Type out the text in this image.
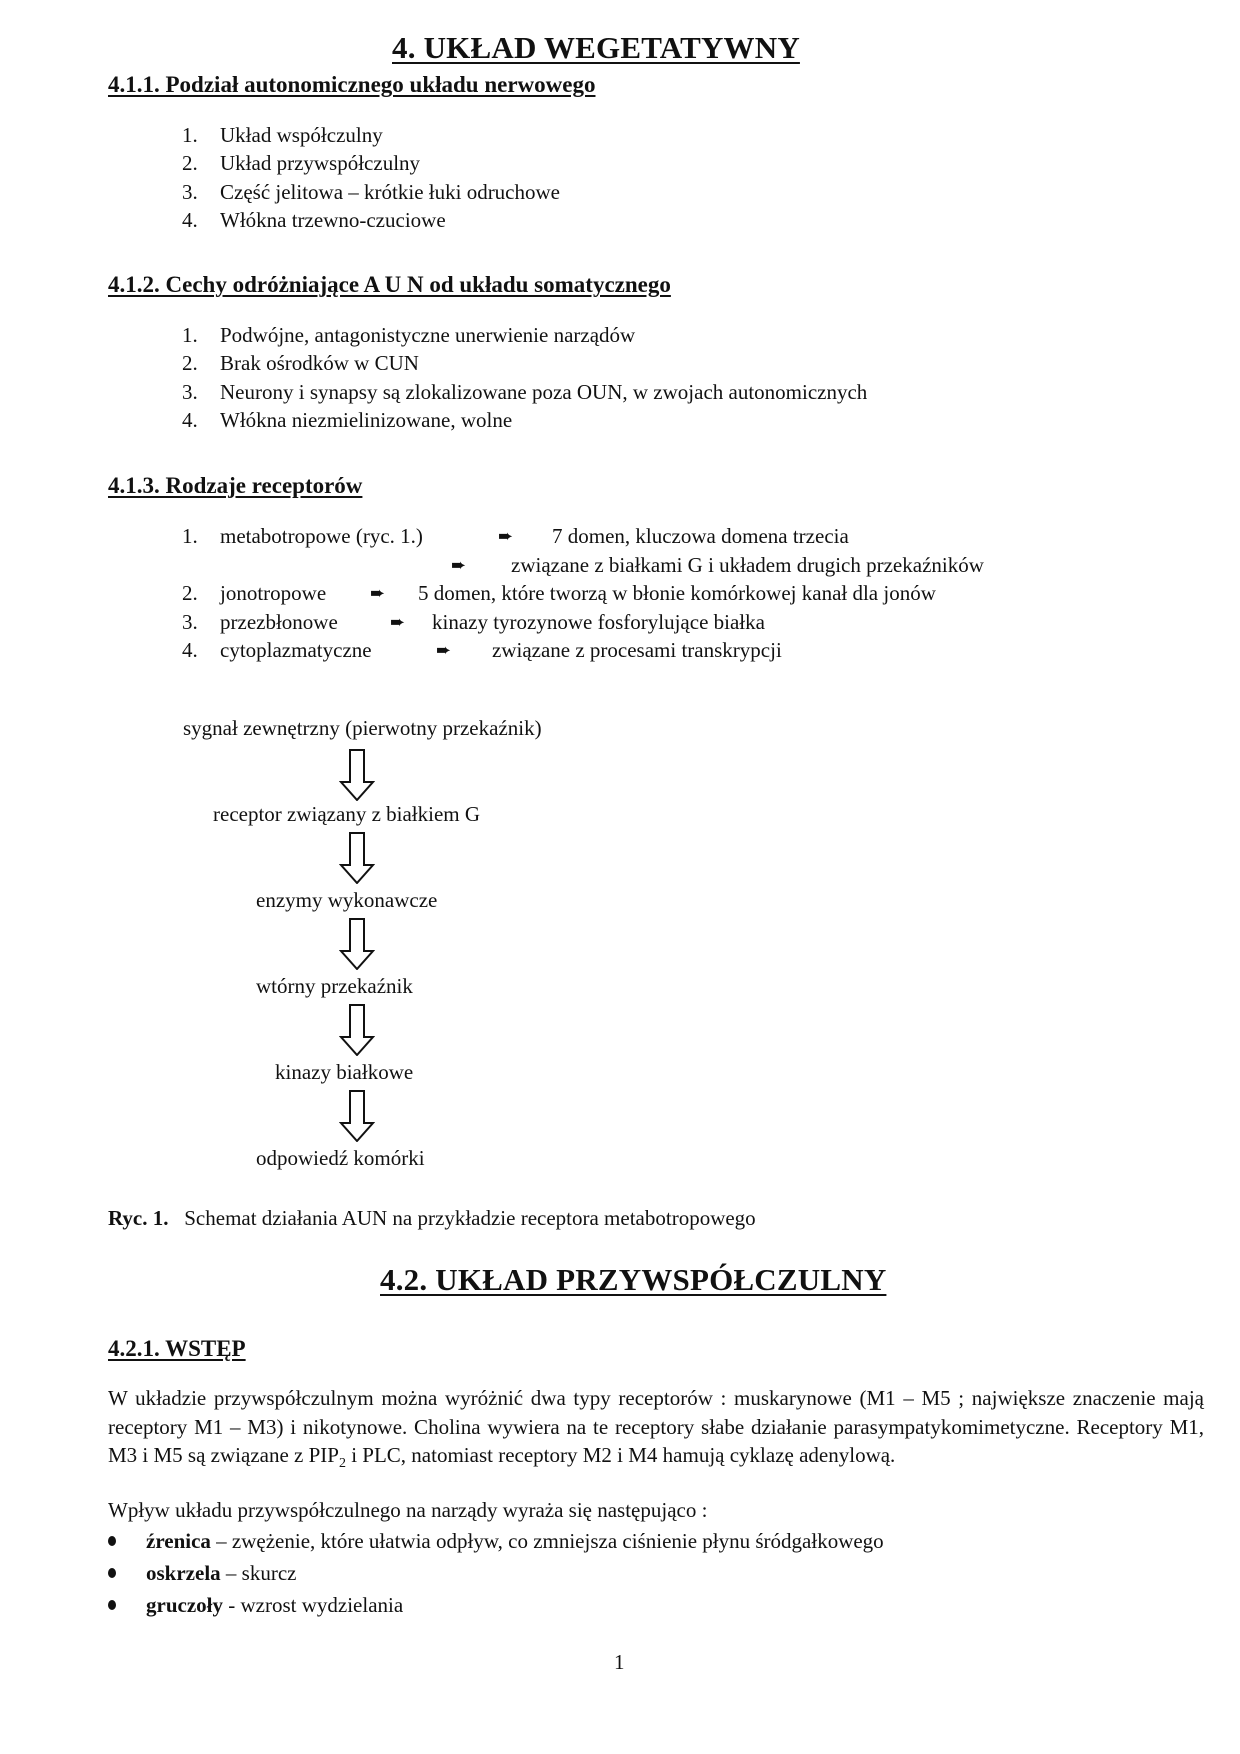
4. UKŁAD WEGETATYWNY
4.1.1. Podział autonomicznego układu nerwowego
1. Układ współczulny
2. Układ przywspółczulny
3. Część jelitowa – krótkie łuki odruchowe
4. Włókna trzewno-czuciowe
4.1.2. Cechy odróżniające A U N od układu somatycznego
1. Podwójne, antagonistyczne unerwienie narządów
2. Brak ośrodków w CUN
3. Neurony i synapsy są zlokalizowane poza OUN, w zwojach autonomicznych
4. Włókna niezmielinizowane, wolne
4.1.3. Rodzaje receptorów
1. metabotropowe (ryc. 1.)	➨ 7 domen, kluczowa domena trzecia
➨ związane z białkami G i układem drugich przekaźników
2. jonotropowe ➨ 5 domen, które tworzą w błonie komórkowej kanał dla jonów
3. przezbłonowe	➨ kinazy tyrozynowe fosforylujące białka
4. cytoplazmatyczne	➨ związane z procesami transkrypcji
sygnał zewnętrzny (pierwotny przekaźnik)
receptor związany z białkiem G
enzymy wykonawcze
wtórny przekaźnik
kinazy białkowe
odpowiedź komórki
Ryc. 1. Schemat działania AUN na przykładzie receptora metabotropowego
4.2. UKŁAD PRZYWSPÓŁCZULNY
4.2.1. WSTĘP
W układzie przywspółczulnym można wyróżnić dwa typy receptorów : muskarynowe (M1 – M5 ; największe znaczenie mają receptory M1 – M3) i nikotynowe. Cholina wywiera na te receptory słabe działanie parasympatykomimetyczne. Receptory M1, M3 i M5 są związane z $PIP_2$ i PLC, natomiast receptory M2 i M4 hamują cyklazę adenylową.
Wpływ układu przywspółczulnego na narządy wyraża się następująco :
źrenica – zwężenie, które ułatwia odpływ, co zmniejsza ciśnienie płynu śródgałkowego
oskrzela – skurcz
gruczoły - wzrost wydzielania
1
